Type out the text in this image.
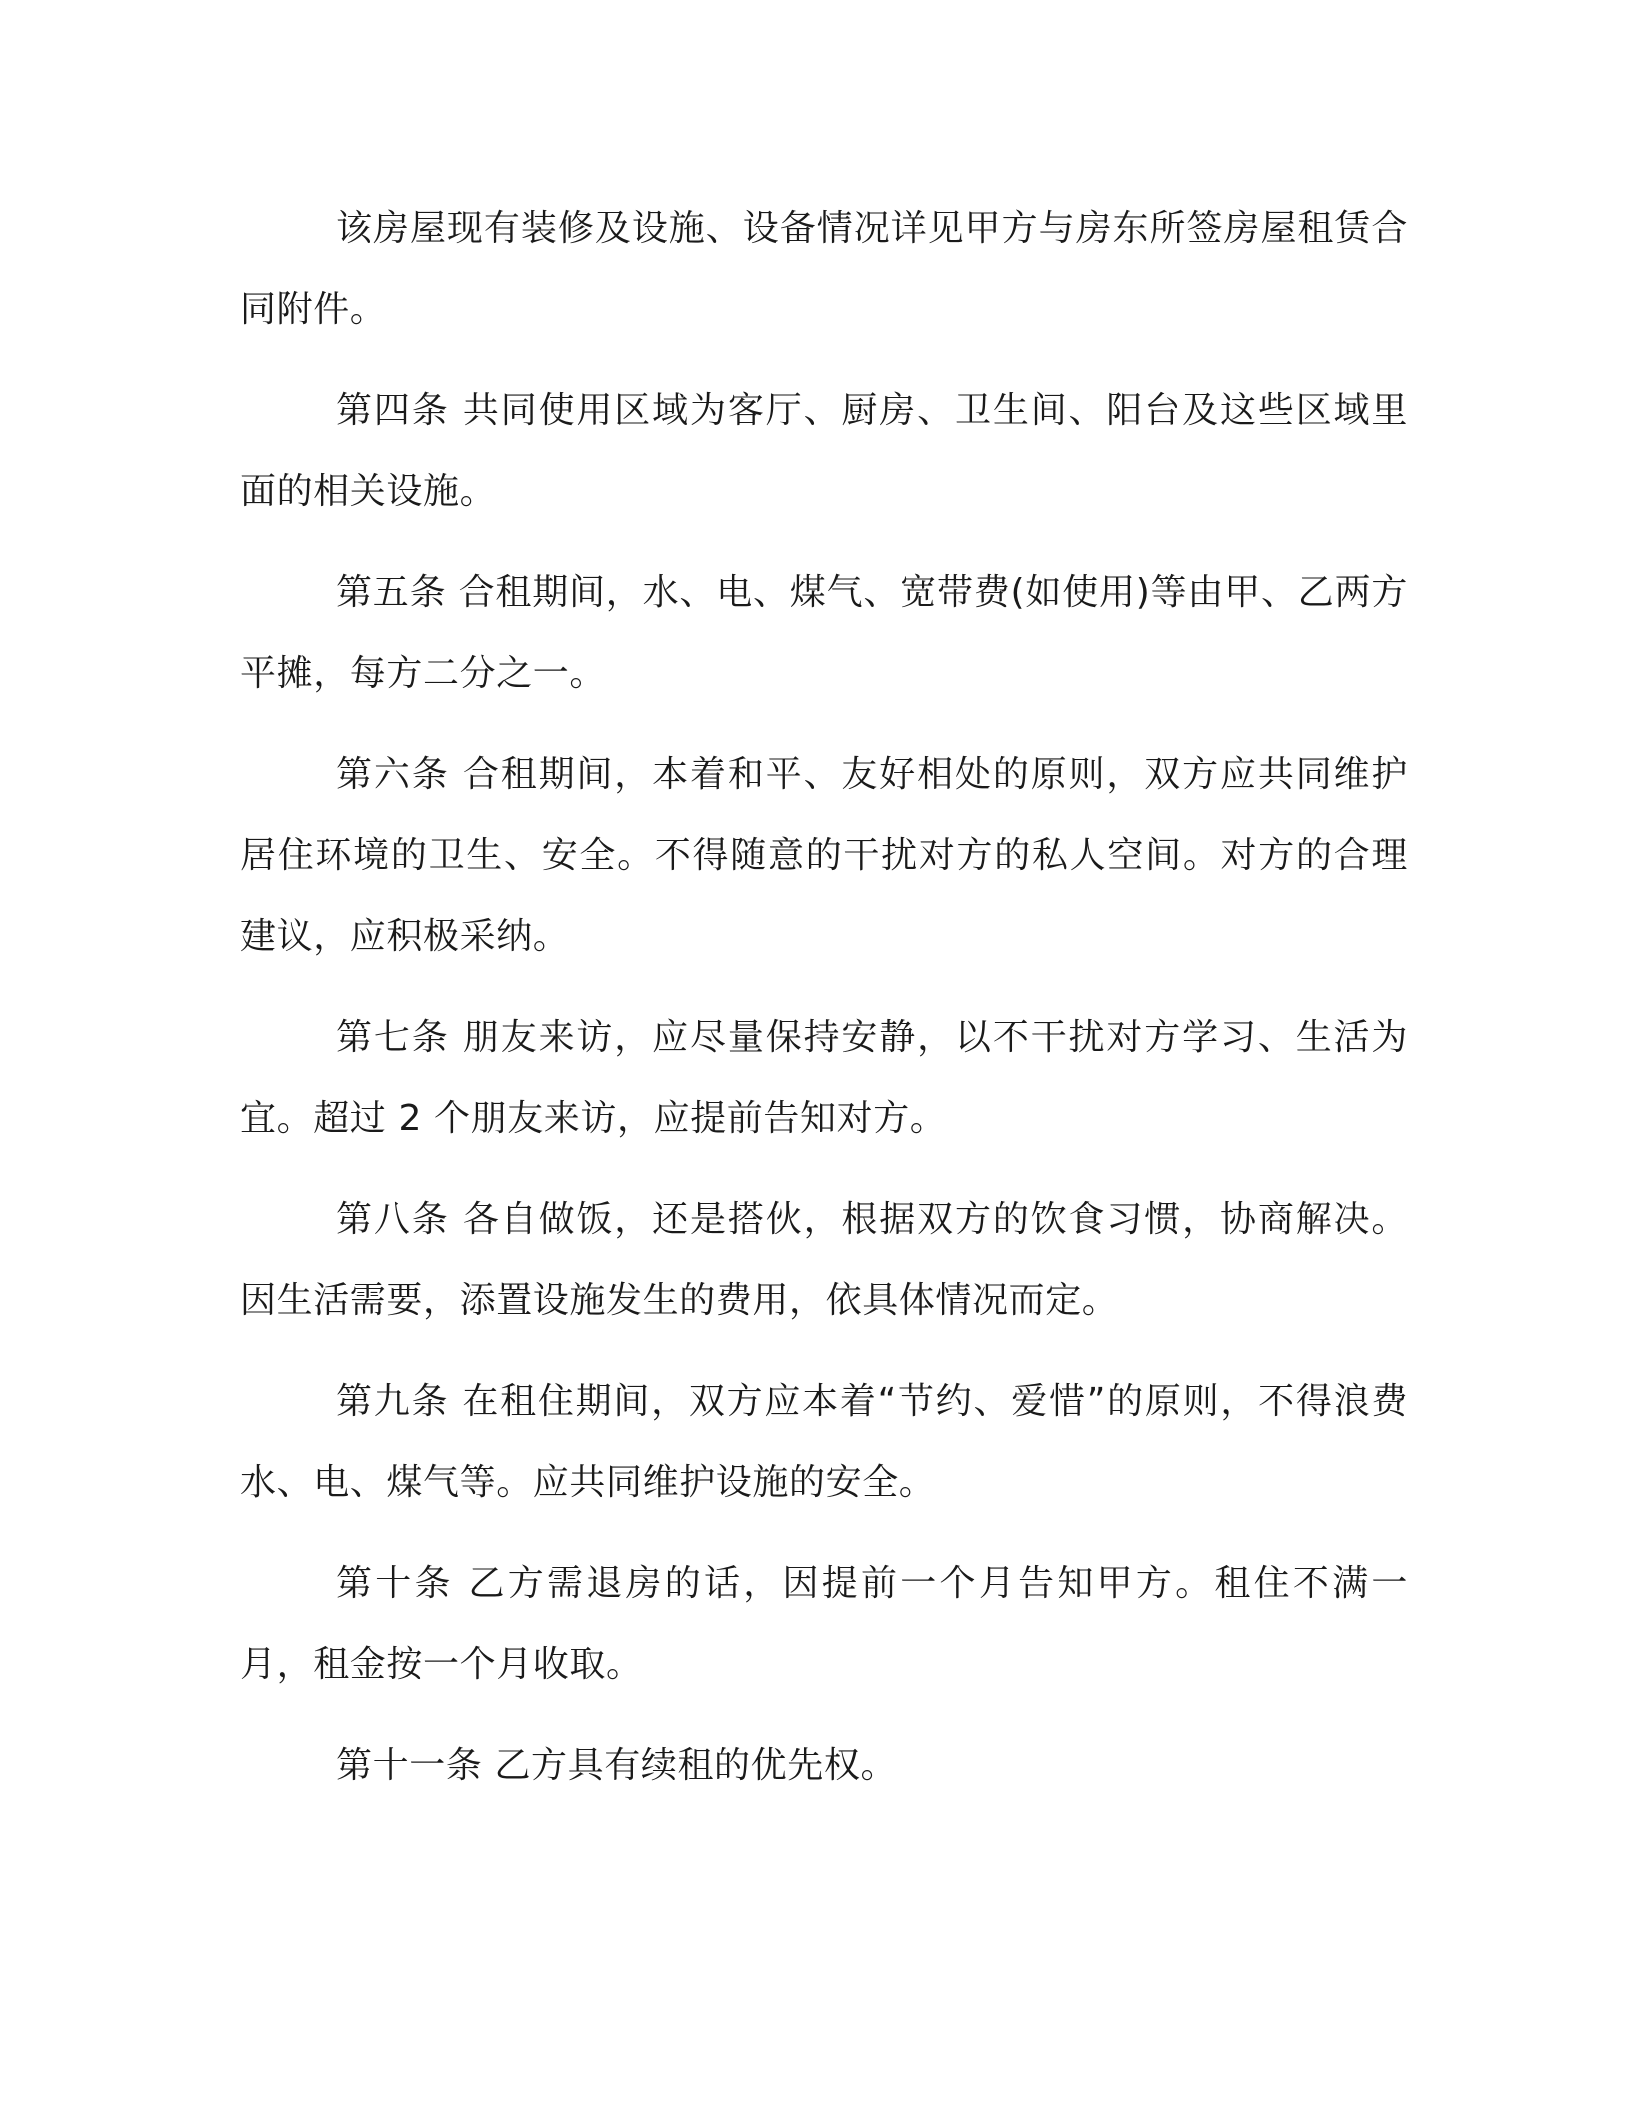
该房屋现有装修及设施、设备情况详见甲方与房东所签房屋租赁合同附件。

第四条 共同使用区域为客厅、厨房、卫生间、阳台及这些区域里面的相关设施。

第五条 合租期间，水、电、煤气、宽带费(如使用)等由甲、乙两方平摊，每方二分之一。

第六条 合租期间，本着和平、友好相处的原则，双方应共同维护居住环境的卫生、安全。不得随意的干扰对方的私人空间。对方的合理建议，应积极采纳。

第七条 朋友来访，应尽量保持安静，以不干扰对方学习、生活为宜。超过 2 个朋友来访，应提前告知对方。

第八条 各自做饭，还是搭伙，根据双方的饮食习惯，协商解决。因生活需要，添置设施发生的费用，依具体情况而定。

第九条 在租住期间，双方应本着“节约、爱惜”的原则，不得浪费水、电、煤气等。应共同维护设施的安全。

第十条 乙方需退房的话，因提前一个月告知甲方。租住不满一月，租金按一个月收取。

第十一条 乙方具有续租的优先权。
